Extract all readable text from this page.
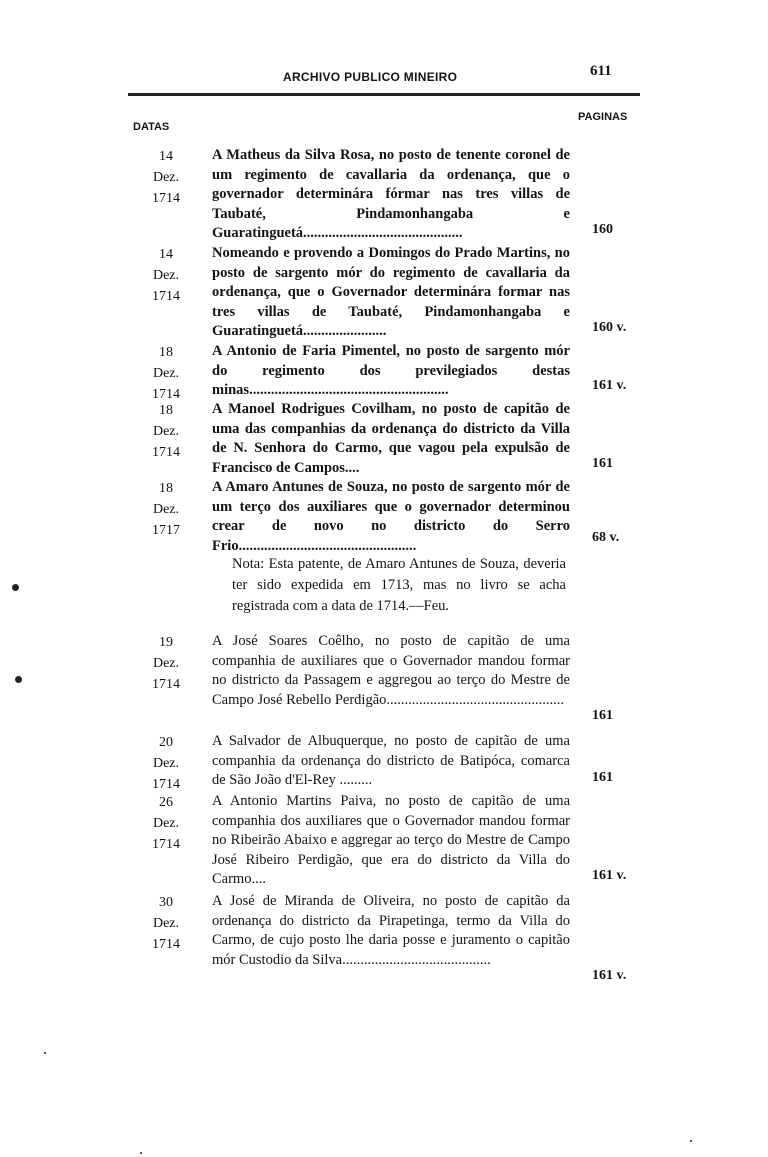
ARCHIVO PUBLICO MINEIRO	611
DATAS
PAGINAS
14
Dez.
1714
A Matheus da Silva Rosa, no posto de tenente coronel de um regimento de cavallaria da ordenança, que o governador determinára fórmar nas tres villas de Taubaté, Pindamonhangaba e Guaratinguetá............................................	160
14
Dez.
1714
Nomeando e provendo a Domingos do Prado Martins, no posto de sargento mór do regimento de cavallaria da ordenança, que o Governador determinára formar nas tres villas de Taubaté, Pindamonhangaba e Guaratinguetá.......................	160 v.
18
Dez.
1714
A Antonio de Faria Pimentel, no posto de sargento mór do regimento dos previlegiados destas minas.......................................................	161 v.
18
Dez.
1714
A Manoel Rodrigues Covilham, no posto de capitão de uma das companhias da ordenança do districto da Villa de N. Senhora do Carmo, que vagou pela expulsão de Francisco de Campos....	161
18
Dez.
1717
A Amaro Antunes de Souza, no posto de sargento mór de um terço dos auxiliares que o governador determinou crear de novo no districto do Serro Frio.................................................	68 v.
Nota: Esta patente, de Amaro Antunes de Souza, deveria ter sido expedida em 1713, mas no livro se acha registrada com a data de 1714.—Feu.
19
Dez.
1714
A José Soares Coêlho, no posto de capitão de uma companhia de auxiliares que o Governador mandou formar no districto da Passagem e aggregou ao terço do Mestre de Campo José Rebello Perdigão.................................................
161
20
Dez.
1714
A Salvador de Albuquerque, no posto de capitão de uma companhia da ordenança do districto de Batipóca, comarca de São João d'El-Rey .........	161
26
Dez.
1714
A Antonio Martins Paiva, no posto de capitão de uma companhia dos auxiliares que o Governador mandou formar no Ribeirão Abaixo e aggregar ao terço do Mestre de Campo José Ribeiro Perdigão, que era do districto da Villa do Carmo....	161 v.
30
Dez.
1714
A José de Miranda de Oliveira, no posto de capitão da ordenança do districto da Pirapetinga, termo da Villa do Carmo, de cujo posto lhe daria posse e juramento o capitão mór Custodio da Silva.........................................
161 v.
